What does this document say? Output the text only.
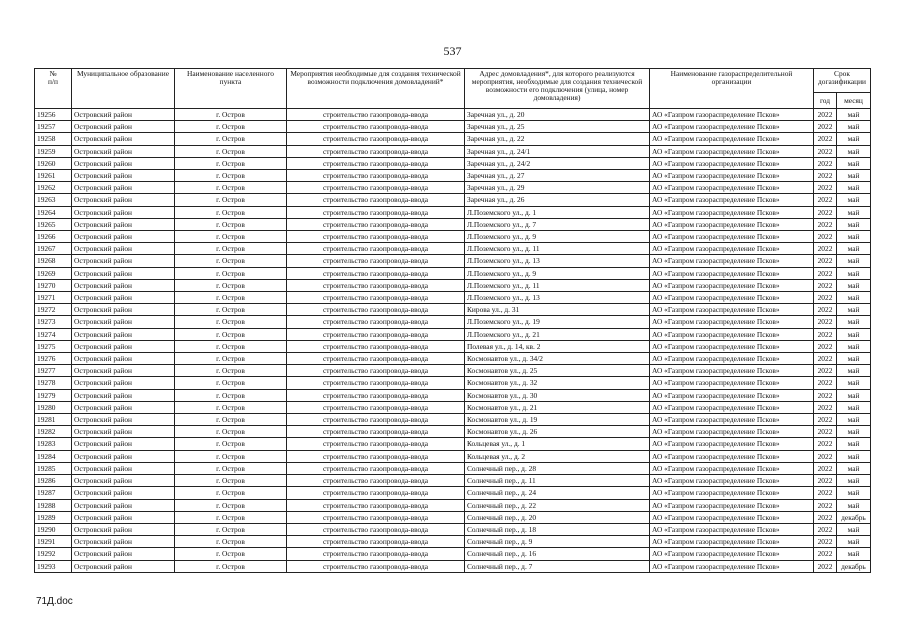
537
№
п/п	Муниципальное образование	Наименование населенного пункта	Мероприятия необходимые для создания технической возможности подключения домовладений*	Адрес домовладения*, для которого реализуются мероприятия, необходимые для создания технической возможности его подключения (улица, номер домовладения)	Наименование газораспределительной организации	Срок догазификации	
						год	месяц
19256	Островский район	г. Остров	строительство газопровода-ввода	Заречная ул., д. 20	АО «Газпром газораспределение Псков»	2022	май
19257	Островский район	г. Остров	строительство газопровода-ввода	Заречная ул., д. 25	АО «Газпром газораспределение Псков»	2022	май
19258	Островский район	г. Остров	строительство газопровода-ввода	Заречная ул., д. 22	АО «Газпром газораспределение Псков»	2022	май
19259	Островский район	г. Остров	строительство газопровода-ввода	Заречная ул., д. 24/1	АО «Газпром газораспределение Псков»	2022	май
19260	Островский район	г. Остров	строительство газопровода-ввода	Заречная ул., д. 24/2	АО «Газпром газораспределение Псков»	2022	май
19261	Островский район	г. Остров	строительство газопровода-ввода	Заречная ул., д. 27	АО «Газпром газораспределение Псков»	2022	май
19262	Островский район	г. Остров	строительство газопровода-ввода	Заречная ул., д. 29	АО «Газпром газораспределение Псков»	2022	май
19263	Островский район	г. Остров	строительство газопровода-ввода	Заречная ул., д. 26	АО «Газпром газораспределение Псков»	2022	май
19264	Островский район	г. Остров	строительство газопровода-ввода	Л.Поземского ул., д. 1	АО «Газпром газораспределение Псков»	2022	май
19265	Островский район	г. Остров	строительство газопровода-ввода	Л.Поземского ул., д. 7	АО «Газпром газораспределение Псков»	2022	май
19266	Островский район	г. Остров	строительство газопровода-ввода	Л.Поземского ул., д. 9	АО «Газпром газораспределение Псков»	2022	май
19267	Островский район	г. Остров	строительство газопровода-ввода	Л.Поземского ул., д. 11	АО «Газпром газораспределение Псков»	2022	май
19268	Островский район	г. Остров	строительство газопровода-ввода	Л.Поземского ул., д. 13	АО «Газпром газораспределение Псков»	2022	май
19269	Островский район	г. Остров	строительство газопровода-ввода	Л.Поземского ул., д. 9	АО «Газпром газораспределение Псков»	2022	май
19270	Островский район	г. Остров	строительство газопровода-ввода	Л.Поземского ул., д. 11	АО «Газпром газораспределение Псков»	2022	май
19271	Островский район	г. Остров	строительство газопровода-ввода	Л.Поземского ул., д. 13	АО «Газпром газораспределение Псков»	2022	май
19272	Островский район	г. Остров	строительство газопровода-ввода	Кирова ул., д. 31	АО «Газпром газораспределение Псков»	2022	май
19273	Островский район	г. Остров	строительство газопровода-ввода	Л.Поземского ул., д. 19	АО «Газпром газораспределение Псков»	2022	май
19274	Островский район	г. Остров	строительство газопровода-ввода	Л.Поземского ул., д. 21	АО «Газпром газораспределение Псков»	2022	май
19275	Островский район	г. Остров	строительство газопровода-ввода	Полевая ул., д. 14, кв. 2	АО «Газпром газораспределение Псков»	2022	май
19276	Островский район	г. Остров	строительство газопровода-ввода	Космонавтов ул., д. 34/2	АО «Газпром газораспределение Псков»	2022	май
19277	Островский район	г. Остров	строительство газопровода-ввода	Космонавтов ул., д. 25	АО «Газпром газораспределение Псков»	2022	май
19278	Островский район	г. Остров	строительство газопровода-ввода	Космонавтов ул., д. 32	АО «Газпром газораспределение Псков»	2022	май
19279	Островский район	г. Остров	строительство газопровода-ввода	Космонавтов ул., д. 30	АО «Газпром газораспределение Псков»	2022	май
19280	Островский район	г. Остров	строительство газопровода-ввода	Космонавтов ул., д. 21	АО «Газпром газораспределение Псков»	2022	май
19281	Островский район	г. Остров	строительство газопровода-ввода	Космонавтов ул., д. 19	АО «Газпром газораспределение Псков»	2022	май
19282	Островский район	г. Остров	строительство газопровода-ввода	Космонавтов ул., д. 26	АО «Газпром газораспределение Псков»	2022	май
19283	Островский район	г. Остров	строительство газопровода-ввода	Кольцевая ул., д. 1	АО «Газпром газораспределение Псков»	2022	май
19284	Островский район	г. Остров	строительство газопровода-ввода	Кольцевая ул., д. 2	АО «Газпром газораспределение Псков»	2022	май
19285	Островский район	г. Остров	строительство газопровода-ввода	Солнечный пер., д. 28	АО «Газпром газораспределение Псков»	2022	май
19286	Островский район	г. Остров	строительство газопровода-ввода	Солнечный пер., д. 11	АО «Газпром газораспределение Псков»	2022	май
19287	Островский район	г. Остров	строительство газопровода-ввода	Солнечный пер., д. 24	АО «Газпром газораспределение Псков»	2022	май
19288	Островский район	г. Остров	строительство газопровода-ввода	Солнечный пер., д. 22	АО «Газпром газораспределение Псков»	2022	май
19289	Островский район	г. Остров	строительство газопровода-ввода	Солнечный пер., д. 20	АО «Газпром газораспределение Псков»	2022	декабрь
19290	Островский район	г. Остров	строительство газопровода-ввода	Солнечный пер., д. 18	АО «Газпром газораспределение Псков»	2022	май
19291	Островский район	г. Остров	строительство газопровода-ввода	Солнечный пер., д. 9	АО «Газпром газораспределение Псков»	2022	май
19292	Островский район	г. Остров	строительство газопровода-ввода	Солнечный пер., д. 16	АО «Газпром газораспределение Псков»	2022	май
19293	Островский район	г. Остров	строительство газопровода-ввода	Солнечный пер., д. 7	АО «Газпром газораспределение Псков»	2022	декабрь
71Д.doc
